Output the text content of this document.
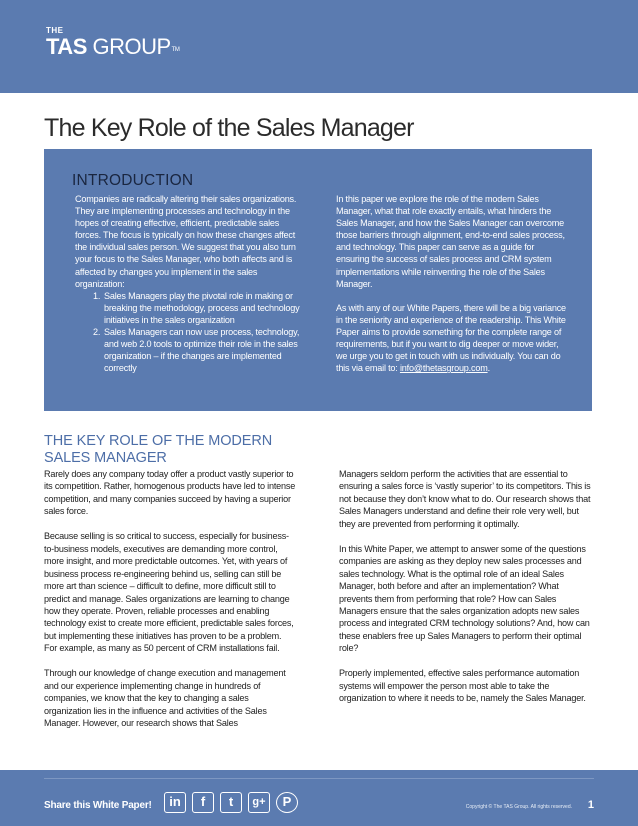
THE
TAS GROUP™
The Key Role of the Sales Manager
INTRODUCTION

Companies are radically altering their sales organizations. They are implementing processes and technology in the hopes of creating effective, efficient, predictable sales forces. The focus is typically on how these changes affect the individual sales person. We suggest that you also turn your focus to the Sales Manager, who both affects and is affected by changes you implement in the sales organization:

1. Sales Managers play the pivotal role in making or breaking the methodology, process and technology initiatives in the sales organization
2. Sales Managers can now use process, technology, and web 2.0 tools to optimize their role in the sales organization – if the changes are implemented correctly

In this paper we explore the role of the modern Sales Manager, what that role exactly entails, what hinders the Sales Manager, and how the Sales Manager can overcome those barriers through alignment, end-to-end sales process, and technology. This paper can serve as a guide for ensuring the success of sales process and CRM system implementations while reinventing the role of the Sales Manager.

As with any of our White Papers, there will be a big variance in the seniority and experience of the readership. This White Paper aims to provide something for the complete range of requirements, but if you want to dig deeper or move wider, we urge you to get in touch with us individually. You can do this via email to: info@thetasgroup.com.

THE KEY ROLE OF THE MODERN SALES MANAGER

Rarely does any company today offer a product vastly superior to its competition. Rather, homogenous products have led to intense competition, and many companies succeed by having a superior sales force.

Because selling is so critical to success, especially for business-to-business models, executives are demanding more control, more insight, and more predictable outcomes. Yet, with years of business process re-engineering behind us, selling can still be more art than science – difficult to define, more difficult still to predict and manage. Sales organizations are learning to change how they operate. Proven, reliable processes and enabling technology exist to create more efficient, predictable sales forces, but implementing these initiatives has proven to be a problem. For example, as many as 50 percent of CRM installations fail.

Through our knowledge of change execution and management and our experience implementing change in hundreds of companies, we know that the key to changing a sales organization lies in the influence and activities of the Sales Manager. However, our research shows that Sales

Managers seldom perform the activities that are essential to ensuring a sales force is ‘vastly superior’ to its competitors. This is not because they don’t know what to do. Our research shows that Sales Managers understand and define their role very well, but they are prevented from performing it optimally.

In this White Paper, we attempt to answer some of the questions companies are asking as they deploy new sales processes and sales technology. What is the optimal role of an ideal Sales Manager, both before and after an implementation? What prevents them from performing that role? How can Sales Managers ensure that the sales organization adopts new sales process and integrated CRM technology solutions? And, how can these enablers free up Sales Managers to perform their optimal role?

Properly implemented, effective sales performance automation systems will empower the person most able to take the organization to where it needs to be, namely the Sales Manager.

Share this White Paper!	in	f	t	g+	P	Copyright © The TAS Group. All rights reserved. 1
